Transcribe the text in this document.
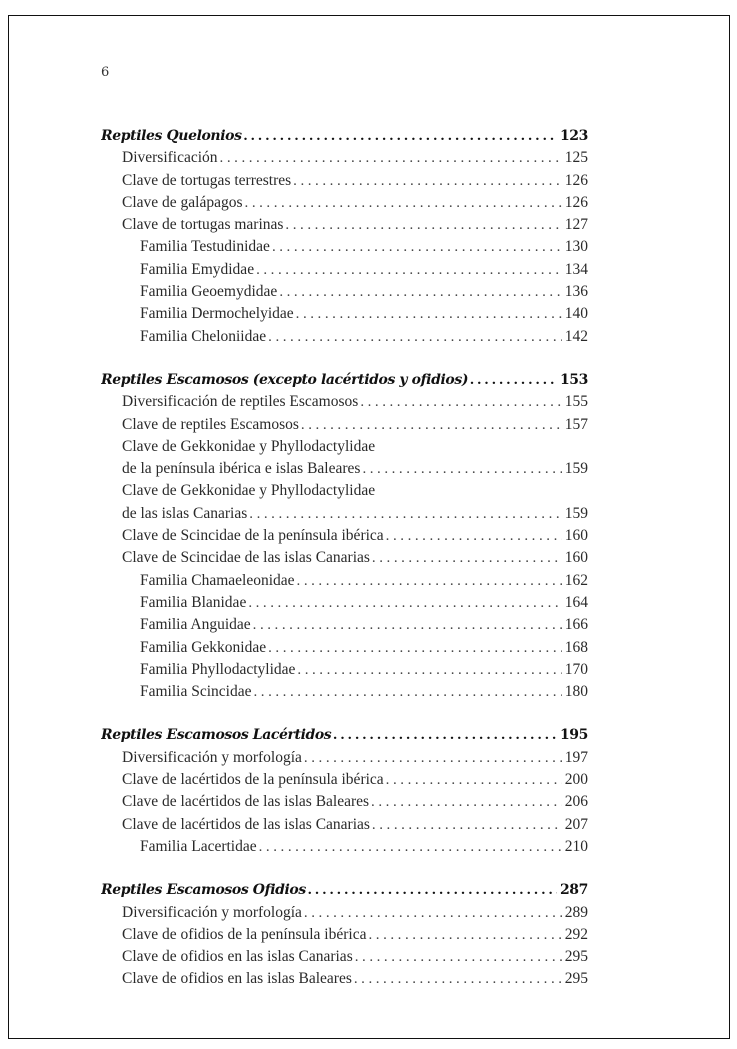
6
Reptiles Quelonios .....	123
Diversificación .....	125
Clave de tortugas terrestres .....	126
Clave de galápagos .....	126
Clave de tortugas marinas .....	127
Familia Testudinidae .....	130
Familia Emydidae .....	134
Familia Geoemydidae .....	136
Familia Dermochelyidae .....	140
Familia Cheloniidae .....	142
Reptiles Escamosos (excepto lacértidos y ofidios) .....	153
Diversificación de reptiles Escamosos .....	155
Clave de reptiles Escamosos .....	157
Clave de Gekkonidae y Phyllodactylidae
de la península ibérica e islas Baleares .....	159
Clave de Gekkonidae y Phyllodactylidae
de las islas Canarias .....	159
Clave de Scincidae de la península ibérica .....	160
Clave de Scincidae de las islas Canarias .....	160
Familia Chamaeleonidae .....	162
Familia Blanidae .....	164
Familia Anguidae .....	166
Familia Gekkonidae .....	168
Familia Phyllodactylidae .....	170
Familia Scincidae .....	180
Reptiles Escamosos Lacértidos .....	195
Diversificación y morfología .....	197
Clave de lacértidos de la península ibérica .....	200
Clave de lacértidos de las islas Baleares .....	206
Clave de lacértidos de las islas Canarias .....	207
Familia Lacertidae .....	210
Reptiles Escamosos Ofidios .....	287
Diversificación y morfología .....	289
Clave de ofidios de la península ibérica .....	292
Clave de ofidios en las islas Canarias .....	295
Clave de ofidios en las islas Baleares .....	295
